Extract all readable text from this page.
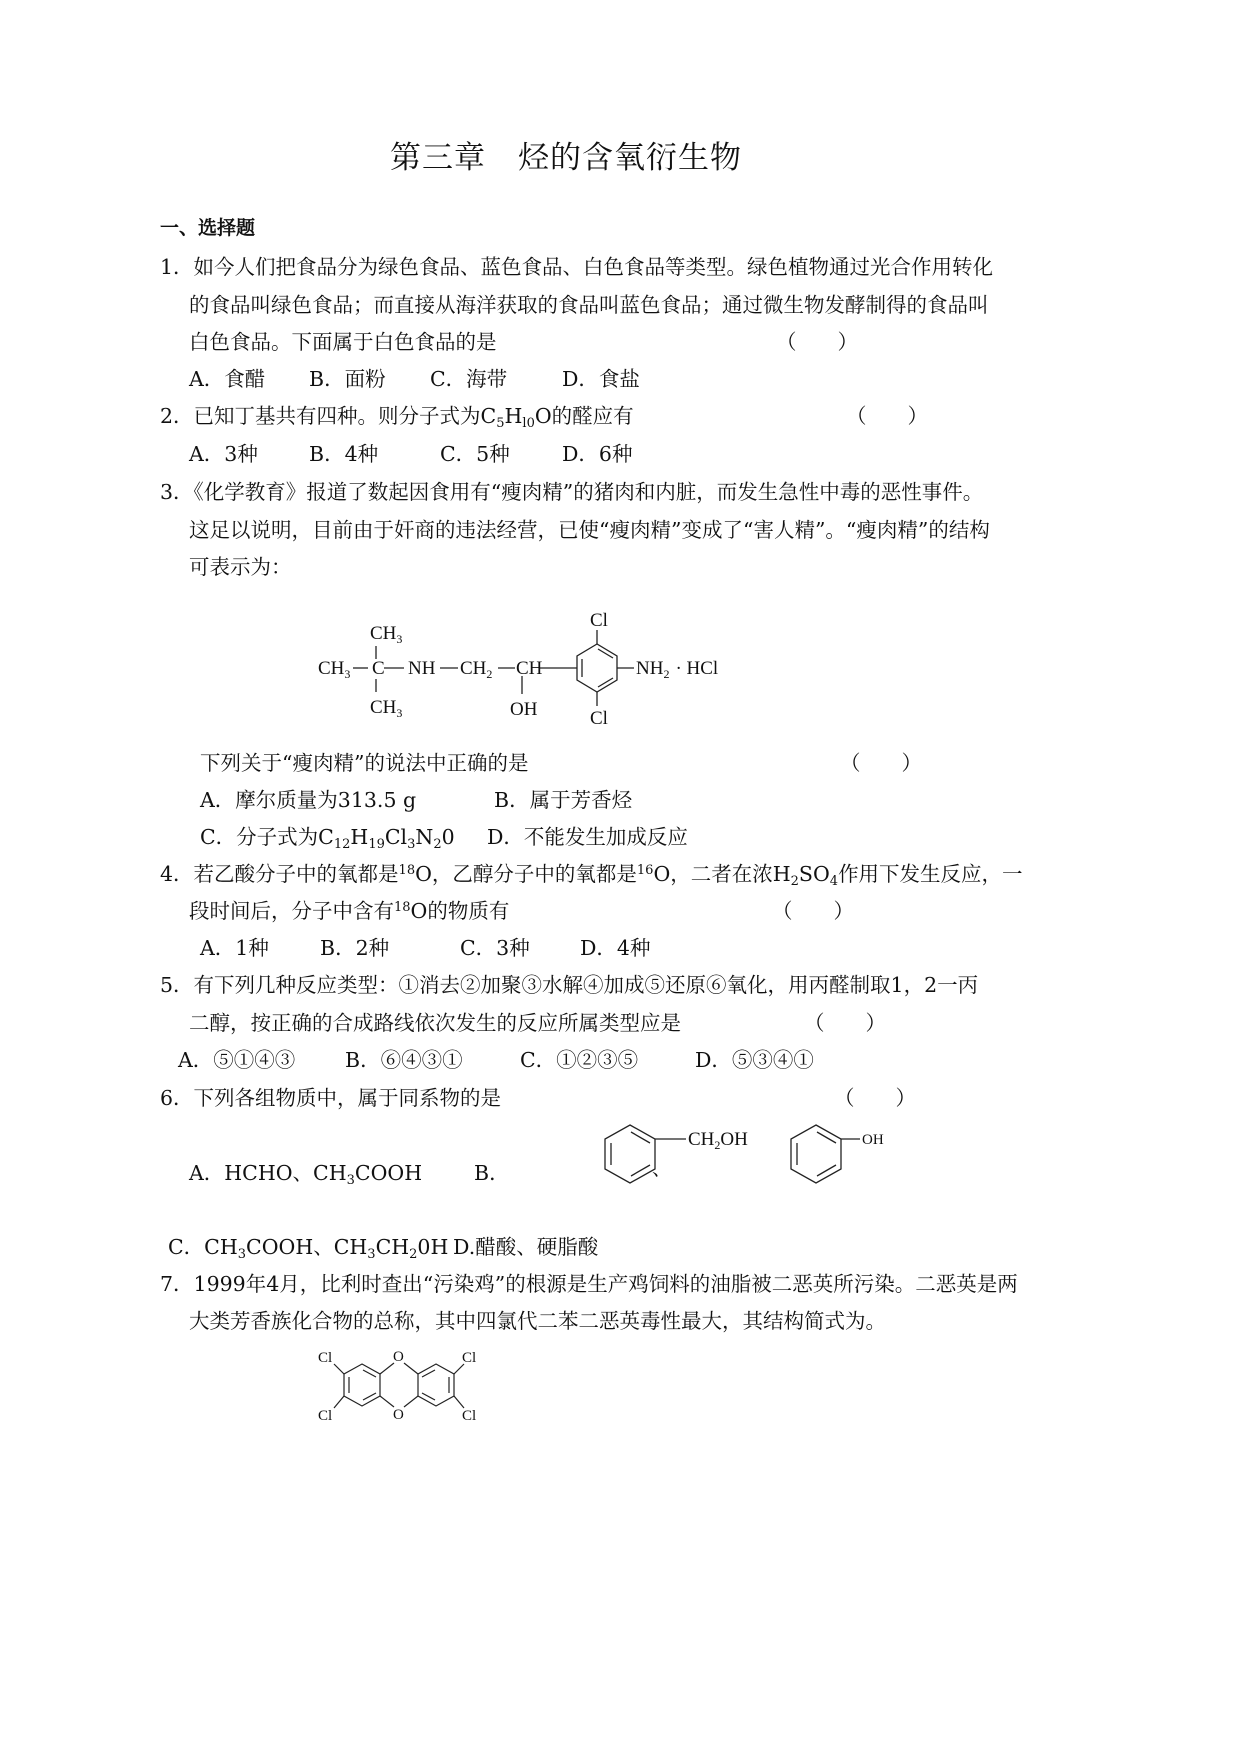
第三章　烃的含氧衍生物
一、选择题
1．如今人们把食品分为绿色食品、蓝色食品、白色食品等类型。绿色植物通过光合作用转化
的食品叫绿色食品；而直接从海洋获取的食品叫蓝色食品；通过微生物发酵制得的食品叫
白色食品。下面属于白色食品的是	（　　）
A．食醋 B．面粉 C．海带	D．食盐
2．已知丁基共有四种。则分子式为$C_5H_{l0}O$的醛应有	（　　）
A．3种 B．4种	C．5种	D．6种
3．《化学教育》报道了数起因食用有“瘦肉精”的猪肉和内脏，而发生急性中毒的恶性事件。
这足以说明，目前由于奸商的违法经营，已使“瘦肉精”变成了“害人精”。“瘦肉精”的结构
可表示为：
$CH_3$
$CH_3$ C
$CH_3$
NH $CH_2$ CH
OH
Cl
Cl
$NH_2$ · HCl
下列关于“瘦肉精”的说法中正确的是	（　　）
A．摩尔质量为313.5 g	B．属于芳香烃
C．分子式为$C_{12}H_{19}Cl_3N_20$ D．不能发生加成反应
4．若乙酸分子中的氧都是$^{18}$O，乙醇分子中的氧都是$^{16}$O，二者在浓$H_2SO_4$作用下发生反应，一
段时间后，分子中含有$^{18}$O的物质有	（　　）
A．1种 B．2种	C．3种 D．4种
5．有下列几种反应类型：①消去②加聚③水解④加成⑤还原⑥氧化，用丙醛制取1，2一丙
二醇，按正确的合成路线依次发生的反应所属类型应是	（　　）
A．⑤①④③ B．⑥④③①	C．①②③⑤	D．⑤③④①
6．下列各组物质中，属于同系物的是	（　　）
A．HCHO、$CH_3COOH$	B．
$CH_2OH$
、
OH
C．$CH_3COOH$、$CH_3CH_20H$ D.醋酸、硬脂酸
7．1999年4月，比利时查出“污染鸡”的根源是生产鸡饲料的油脂被二恶英所污染。二恶英是两
大类芳香族化合物的总称，其中四氯代二苯二恶英毒性最大，其结构简式为。
Cl
Cl
Cl
Cl
O
O
